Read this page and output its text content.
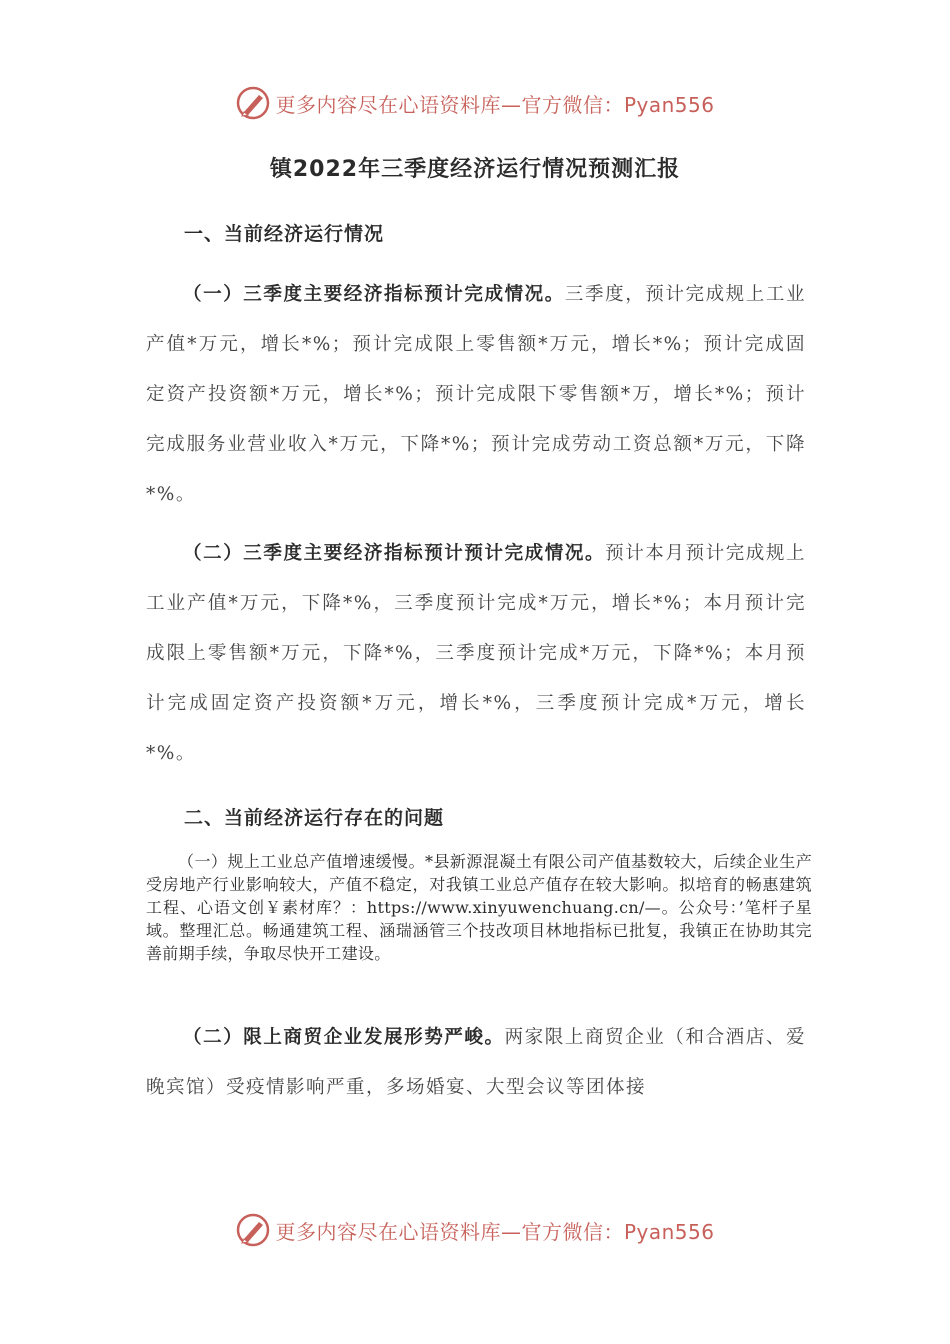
更多内容尽在心语资料库—官方微信：Pyan556
镇2022年三季度经济运行情况预测汇报
一、当前经济运行情况
（一）三季度主要经济指标预计完成情况。三季度，预计完成规上工业产值*万元，增长*%；预计完成限上零售额*万元，增长*%；预计完成固定资产投资额*万元，增长*%；预计完成限下零售额*万，增长*%；预计完成服务业营业收入*万元，下降*%；预计完成劳动工资总额*万元，下降*%。
（二）三季度主要经济指标预计预计完成情况。预计本月预计完成规上工业产值*万元，下降*%，三季度预计完成*万元，增长*%；本月预计完成限上零售额*万元，下降*%，三季度预计完成*万元，下降*%；本月预计完成固定资产投资额*万元，增长*%，三季度预计完成*万元，增长*%。
二、当前经济运行存在的问题
（一）规上工业总产值增速缓慢。*县新源混凝土有限公司产值基数较大，后续企业生产受房地产行业影响较大，产值不稳定，对我镇工业总产值存在较大影响。拟培育的畅惠建筑工程、心语文创￥素材库？：https://www.xinyuwenchuang.cn/—。公众号：’笔杆子星域。整理汇总。畅通建筑工程、涵瑞涵管三个技改项目林地指标已批复，我镇正在协助其完善前期手续，争取尽快开工建设。
（二）限上商贸企业发展形势严峻。两家限上商贸企业（和合酒店、爱晚宾馆）受疫情影响严重，多场婚宴、大型会议等团体接
更多内容尽在心语资料库—官方微信：Pyan556
